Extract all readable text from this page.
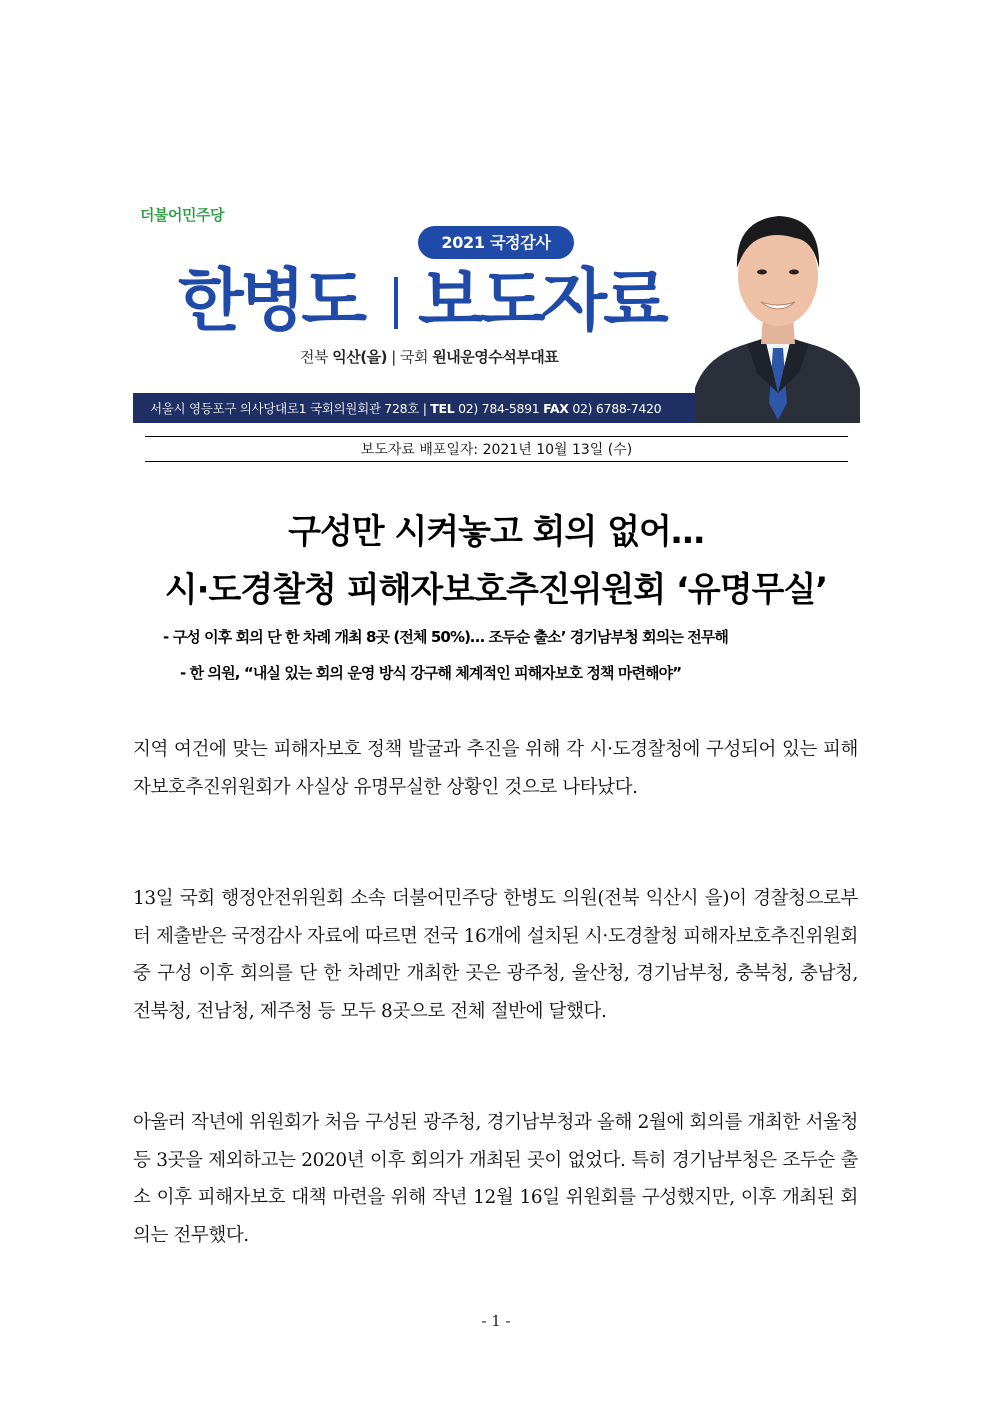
더불어민주당
2021 국정감사
한병도 보도자료
전북 익산(을) | 국회 원내운영수석부대표
서울시 영등포구 의사당대로1 국회의원회관 728호 | TEL 02) 784-5891 FAX 02) 6788-7420
보도자료 배포일자: 2021년 10월 13일 (수)
구성만 시켜놓고 회의 없어…
시·도경찰청 피해자보호추진위원회 ‘유명무실’
- 구성 이후 회의 단 한 차례 개최 8곳 (전체 50%)… 조두순 출소’ 경기남부청 회의는 전무해
- 한 의원, “내실 있는 회의 운영 방식 강구해 체계적인 피해자보호 정책 마련해야”
지역 여건에 맞는 피해자보호 정책 발굴과 추진을 위해 각 시·도경찰청에 구성되어 있는 피해자보호추진위원회가 사실상 유명무실한 상황인 것으로 나타났다.
13일 국회 행정안전위원회 소속 더불어민주당 한병도 의원(전북 익산시 을)이 경찰청으로부터 제출받은 국정감사 자료에 따르면 전국 16개에 설치된 시·도경찰청 피해자보호추진위원회 중 구성 이후 회의를 단 한 차례만 개최한 곳은 광주청, 울산청, 경기남부청, 충북청, 충남청, 전북청, 전남청, 제주청 등 모두 8곳으로 전체 절반에 달했다.
아울러 작년에 위원회가 처음 구성된 광주청, 경기남부청과 올해 2월에 회의를 개최한 서울청 등 3곳을 제외하고는 2020년 이후 회의가 개최된 곳이 없었다. 특히 경기남부청은 조두순 출소 이후 피해자보호 대책 마련을 위해 작년 12월 16일 위원회를 구성했지만, 이후 개최된 회의는 전무했다.
- 1 -
